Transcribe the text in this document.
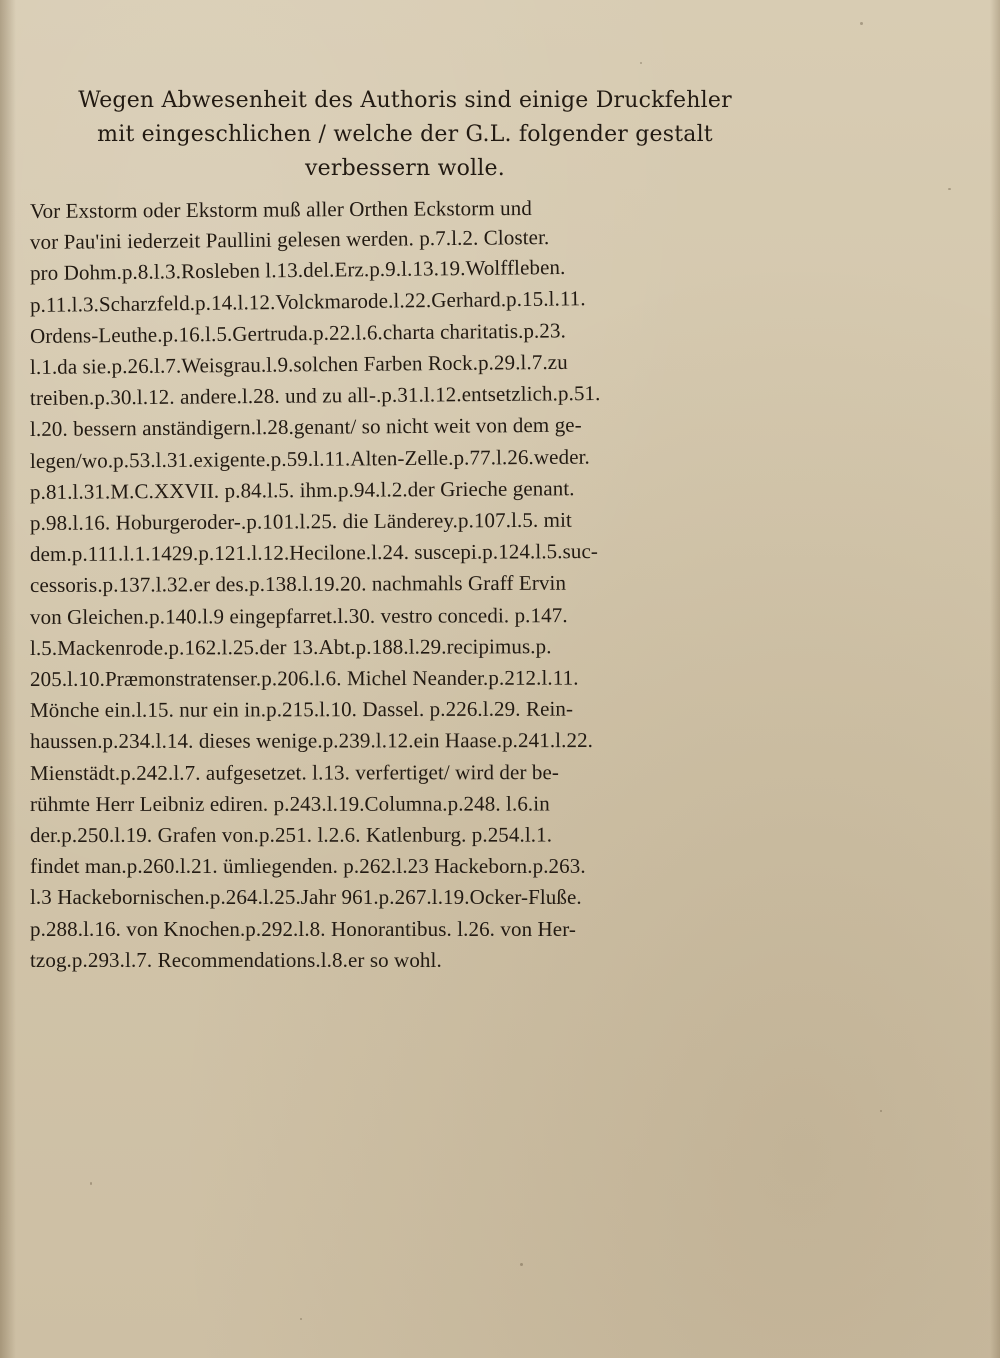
Wegen Abwesenheit des Authoris sind einige Druckfehler
mit eingeschlichen / welche der G.L. folgender gestalt
verbessern wolle.
Vor Exstorm oder Ekstorm muß aller Orthen Eckstorm und
vor Pau'ini iederzeit Paullini gelesen werden. p.7.l.2. Closter.
pro Dohm.p.8.l.3.Rosleben l.13.del.Erz.p.9.l.13.19.Wolffleben.
p.11.l.3.Scharzfeld.p.14.l.12.Volckmarode.l.22.Gerhard.p.15.l.11.
Ordens-Leuthe.p.16.l.5.Gertruda.p.22.l.6.charta charitatis.p.23.
l.1.da sie.p.26.l.7.Weisgrau.l.9.solchen Farben Rock.p.29.l.7.zu
treiben.p.30.l.12. andere.l.28. und zu all-.p.31.l.12.entsetzlich.p.51.
l.20. bessern anständigern.l.28.genant/ so nicht weit von dem ge-
legen/wo.p.53.l.31.exigente.p.59.l.11.Alten-Zelle.p.77.l.26.weder.
p.81.l.31.M.C.XXVII. p.84.l.5. ihm.p.94.l.2.der Grieche genant.
p.98.l.16. Hoburgeroder-.p.101.l.25. die Länderey.p.107.l.5. mit
dem.p.111.l.1.1429.p.121.l.12.Hecilone.l.24. suscepi.p.124.l.5.suc-
cessoris.p.137.l.32.er des.p.138.l.19.20. nachmahls Graff Ervin
von Gleichen.p.140.l.9 eingepfarret.l.30. vestro concedi. p.147.
l.5.Mackenrode.p.162.l.25.der 13.Abt.p.188.l.29.recipimus.p.
205.l.10.Præmonstratenser.p.206.l.6. Michel Neander.p.212.l.11.
Mönche ein.l.15. nur ein in.p.215.l.10. Dassel. p.226.l.29. Rein-
haussen.p.234.l.14. dieses wenige.p.239.l.12.ein Haase.p.241.l.22.
Mienstädt.p.242.l.7. aufgesetzet. l.13. verfertiget/ wird der be-
rühmte Herr Leibniz ediren. p.243.l.19.Columna.p.248. l.6.in
der.p.250.l.19. Grafen von.p.251. l.2.6. Katlenburg. p.254.l.1.
findet man.p.260.l.21. ümliegenden. p.262.l.23 Hackeborn.p.263.
l.3 Hackebornischen.p.264.l.25.Jahr 961.p.267.l.19.Ocker-Fluße.
p.288.l.16. von Knochen.p.292.l.8. Honorantibus. l.26. von Her-
tzog.p.293.l.7. Recommendations.l.8.er so wohl.
